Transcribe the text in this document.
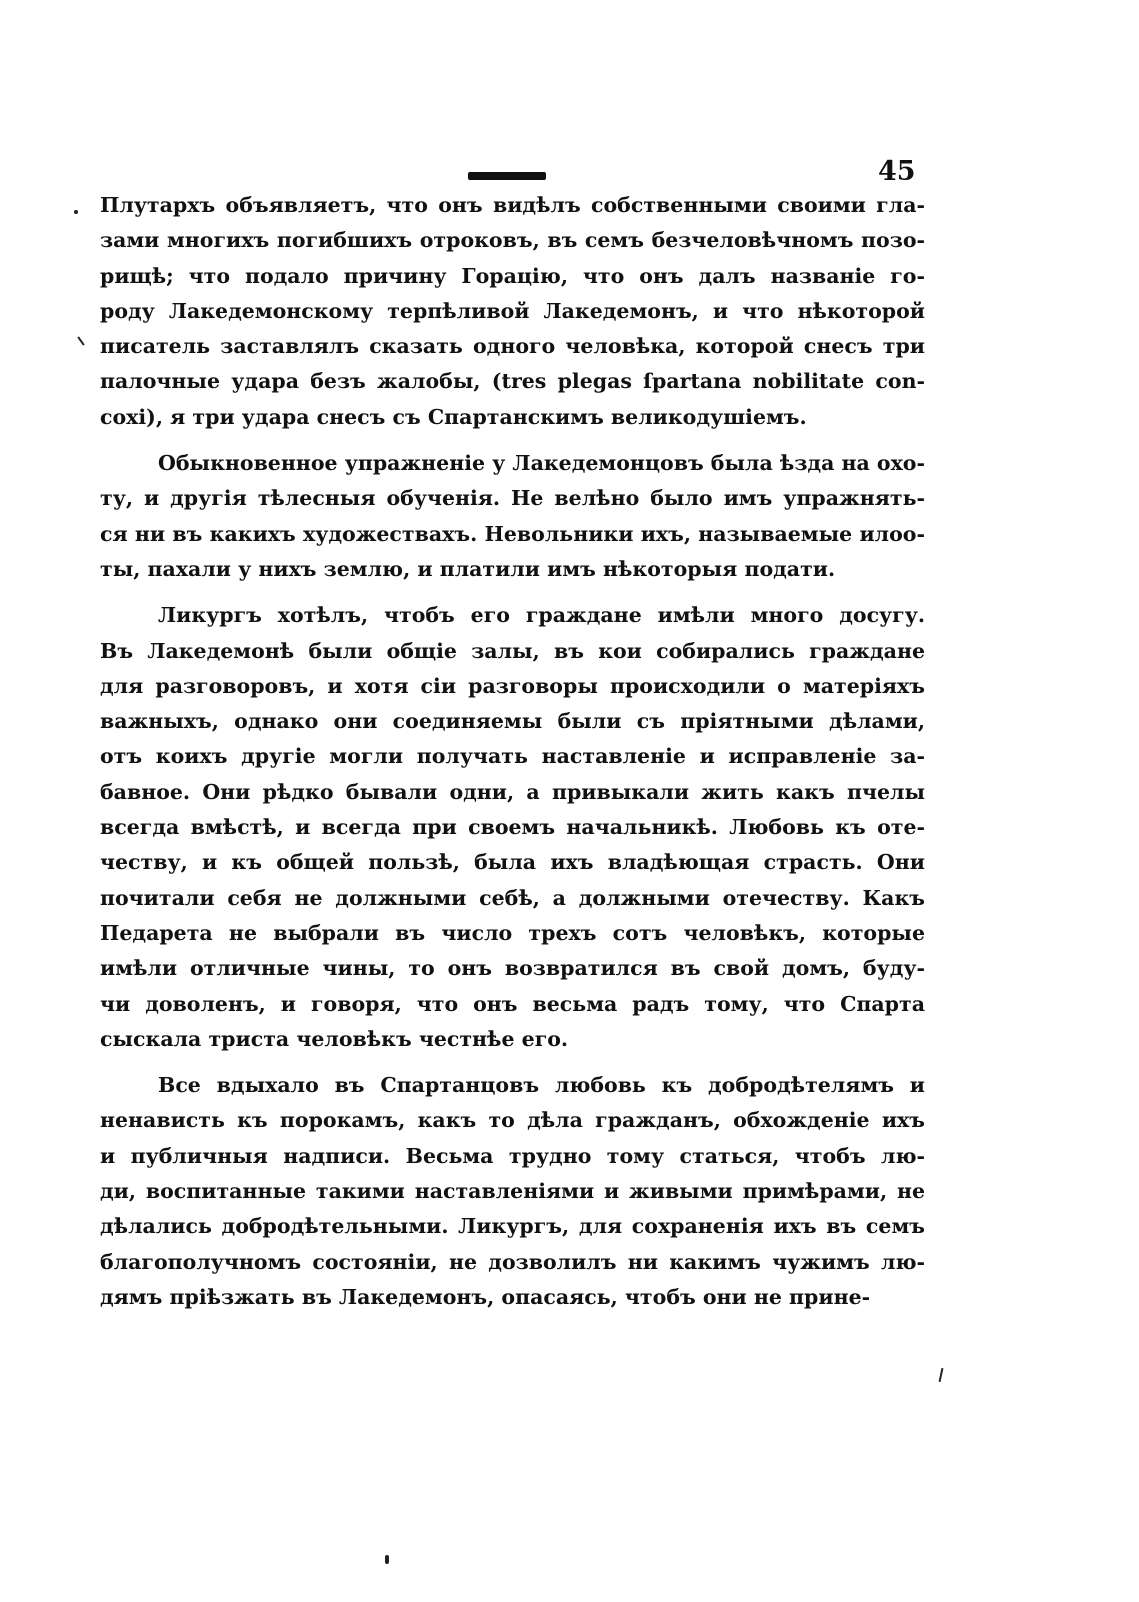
45
Плутархъ объявляетъ, что онъ видѣлъ собственными своими гла-
зами многихъ погибшихъ отроковъ, въ семъ безчеловѣчномъ позо-
рищѣ; что подало причину Горацію, что онъ далъ названіе го-
роду Лакедемонскому терпѣливой Лакедемонъ, и что нѣкоторой
писатель заставлялъ сказать одного человѣка, которой снесъ три
палочные удара безъ жалобы, (tres plegas ſpartana nobilitate con-
coxi), я три удара снесъ съ Спартанскимъ великодушіемъ.
Обыкновенное упражненіе у Лакедемонцовъ была ѣзда на охо-
ту, и другія тѣлесныя обученія. Не велѣно было имъ упражнять-
ся ни въ какихъ художествахъ. Невольники ихъ, называемые илоо-
ты, пахали у нихъ землю, и платили имъ нѣкоторыя подати.
Ликургъ хотѣлъ, чтобъ его граждане имѣли много досугу.
Въ Лакедемонѣ были общіе залы, въ кои собирались граждане
для разговоровъ, и хотя сіи разговоры происходили о матеріяхъ
важныхъ, однако они соединяемы были съ пріятными дѣлами,
отъ коихъ другіе могли получать наставленіе и исправленіе за-
бавное. Они рѣдко бывали одни, а привыкали жить какъ пчелы
всегда вмѣстѣ, и всегда при своемъ начальникѣ. Любовь къ оте-
честву, и къ общей пользѣ, была ихъ владѣющая страсть. Они
почитали себя не должными себѣ, а должными отечеству. Какъ
Педарета не выбрали въ число трехъ сотъ человѣкъ, которые
имѣли отличные чины, то онъ возвратился въ свой домъ, буду-
чи доволенъ, и говоря, что онъ весьма радъ тому, что Спарта
сыскала триста человѣкъ честнѣе его.
Все вдыхало въ Спартанцовъ любовь къ добродѣтелямъ и
ненависть къ порокамъ, какъ то дѣла гражданъ, обхожденіе ихъ
и публичныя надписи. Весьма трудно тому статься, чтобъ лю-
ди, воспитанные такими наставленіями и живыми примѣрами, не
дѣлались добродѣтельными. Ликургъ, для сохраненія ихъ въ семъ
благополучномъ состояніи, не дозволилъ ни какимъ чужимъ лю-
дямъ пріѣзжать въ Лакедемонъ, опасаясь, чтобъ они не прине-
